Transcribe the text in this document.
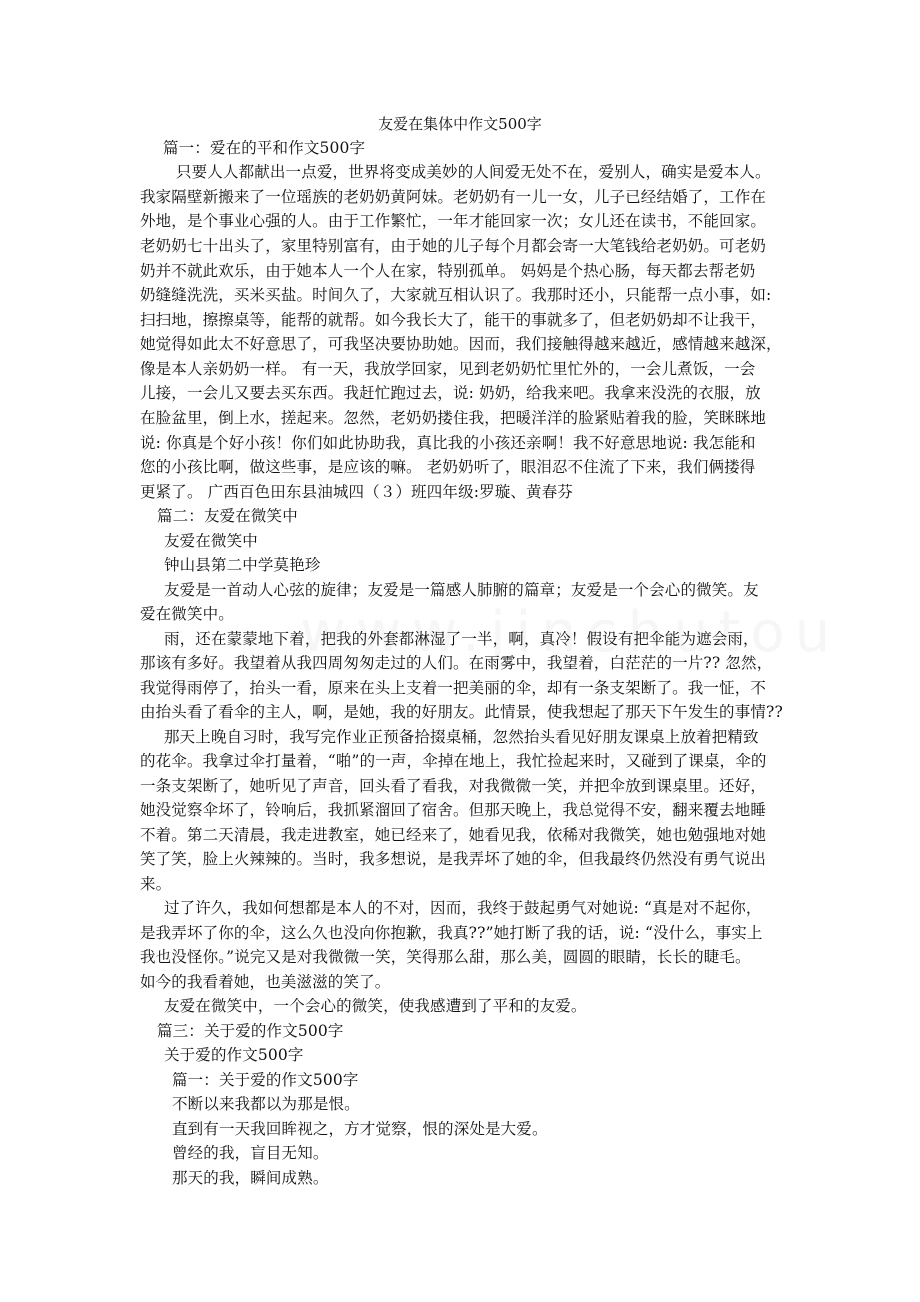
友爱在集体中作文500字
篇一：爱在的平和作文500字
只要人人都献出一点爱，世界将变成美妙的人间爱无处不在，爱别人，确实是爱本人。
我家隔壁新搬来了一位瑶族的老奶奶黄阿妹。老奶奶有一儿一女，儿子已经结婚了，工作在
外地，是个事业心强的人。由于工作繁忙，一年才能回家一次；女儿还在读书，不能回家。
老奶奶七十出头了，家里特别富有，由于她的儿子每个月都会寄一大笔钱给老奶奶。可老奶
奶并不就此欢乐，由于她本人一个人在家，特别孤单。 妈妈是个热心肠，每天都去帮老奶
奶缝缝洗洗，买米买盐。时间久了，大家就互相认识了。我那时还小，只能帮一点小事，如:
扫扫地，擦擦桌等，能帮的就帮。如今我长大了，能干的事就多了，但老奶奶却不让我干，
她觉得如此太不好意思了，可我坚决要协助她。因而，我们接触得越来越近，感情越来越深，
像是本人亲奶奶一样。 有一天，我放学回家，见到老奶奶忙里忙外的，一会儿煮饭，一会
儿接，一会儿又要去买东西。我赶忙跑过去，说: 奶奶，给我来吧。我拿来没洗的衣服，放
在脸盆里，倒上水，搓起来。忽然，老奶奶搂住我，把暖洋洋的脸紧贴着我的脸，笑眯眯地
说: 你真是个好小孩！你们如此协助我，真比我的小孩还亲啊！我不好意思地说: 我怎能和
您的小孩比啊，做这些事，是应该的嘛。 老奶奶听了，眼泪忍不住流了下来，我们俩搂得
更紧了。 广西百色田东县油城四（３）班四年级:罗璇、黄春芬
篇二：友爱在微笑中
友爱在微笑中
钟山县第二中学莫艳珍
友爱是一首动人心弦的旋律；友爱是一篇感人肺腑的篇章；友爱是一个会心的微笑。友
爱在微笑中。
雨，还在蒙蒙地下着，把我的外套都淋湿了一半，啊，真冷！假设有把伞能为遮会雨，
那该有多好。我望着从我四周匆匆走过的人们。在雨雾中，我望着，白茫茫的一片?? 忽然，
我觉得雨停了，抬头一看，原来在头上支着一把美丽的伞，却有一条支架断了。我一怔，不
由抬头看了看伞的主人，啊，是她，我的好朋友。此情景，使我想起了那天下午发生的事情??
那天上晚自习时，我写完作业正预备拾掇桌桶，忽然抬头看见好朋友课桌上放着把精致
的花伞。我拿过伞打量着，“啪”的一声，伞掉在地上，我忙捡起来时，又碰到了课桌，伞的
一条支架断了，她听见了声音，回头看了看我，对我微微一笑，并把伞放到课桌里。还好，
她没觉察伞坏了，铃响后，我抓紧溜回了宿舍。但那天晚上，我总觉得不安，翻来覆去地睡
不着。第二天清晨，我走进教室，她已经来了，她看见我，依稀对我微笑，她也勉强地对她
笑了笑，脸上火辣辣的。当时，我多想说，是我弄坏了她的伞，但我最终仍然没有勇气说出
来。
过了许久，我如何想都是本人的不对，因而，我终于鼓起勇气对她说: “真是对不起你，
是我弄坏了你的伞，这么久也没向你抱歉，我真??”她打断了我的话，说: “没什么，事实上
我也没怪你。”说完又是对我微微一笑，笑得那么甜，那么美，圆圆的眼睛，长长的睫毛。
如今的我看着她，也美滋滋的笑了。
友爱在微笑中，一个会心的微笑，使我感遭到了平和的友爱。
篇三：关于爱的作文500字
关于爱的作文500字
篇一：关于爱的作文500字
不断以来我都以为那是恨。
直到有一天我回眸视之，方才觉察，恨的深处是大爱。
曾经的我，盲目无知。
那天的我，瞬间成熟。
